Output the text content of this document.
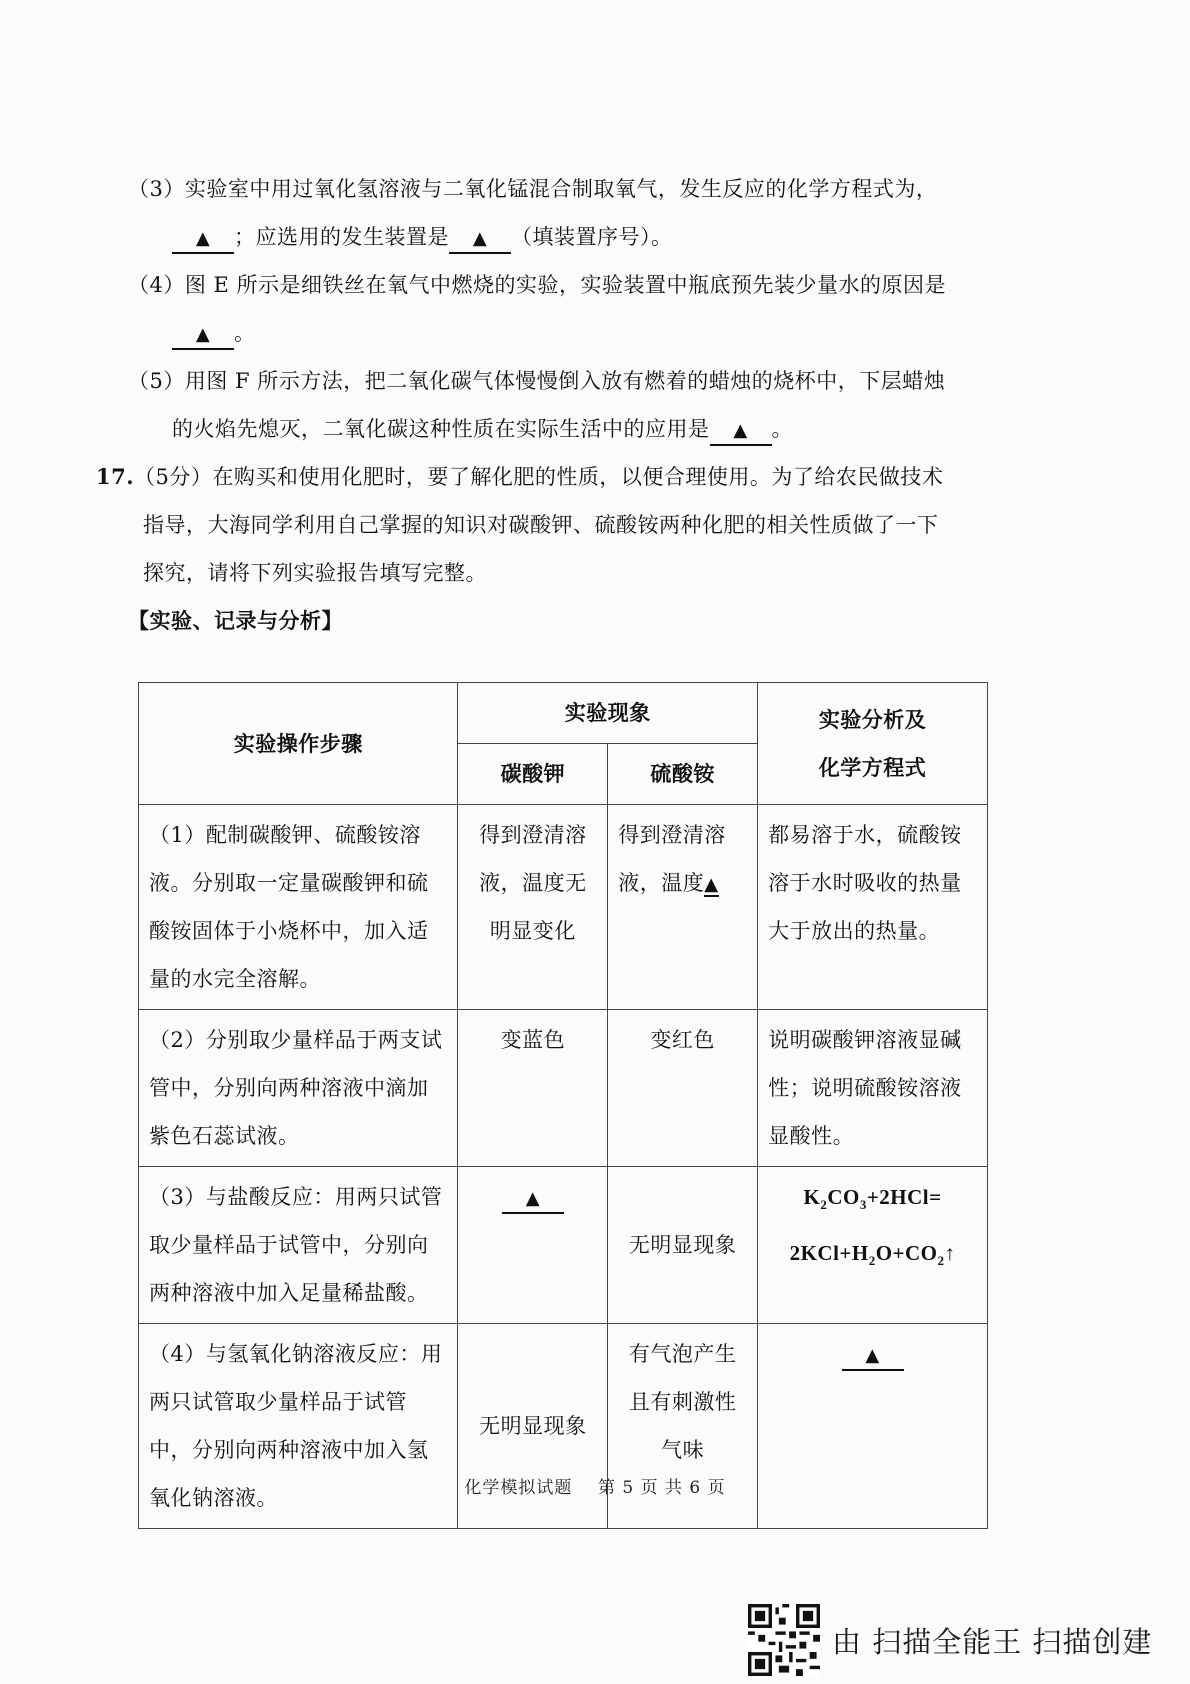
（3）实验室中用过氧化氢溶液与二氧化锰混合制取氧气，发生反应的化学方程式为，
▲ ；应选用的发生装置是 ▲ （填装置序号）。
（4）图 E 所示是细铁丝在氧气中燃烧的实验，实验装置中瓶底预先装少量水的原因是
▲ 。
（5）用图 F 所示方法，把二氧化碳气体慢慢倒入放有燃着的蜡烛的烧杯中，下层蜡烛
的火焰先熄灭，二氧化碳这种性质在实际生活中的应用是 ▲ 。
17.（5分）在购买和使用化肥时，要了解化肥的性质，以便合理使用。为了给农民做技术
指导，大海同学利用自己掌握的知识对碳酸钾、硫酸铵两种化肥的相关性质做了一下
探究，请将下列实验报告填写完整。
【实验、记录与分析】
实验操作步骤	实验现象		实验分析及
化学方程式

	碳酸钾	硫酸铵	
（1）配制碳酸钾、硫酸铵溶液。分别取一定量碳酸钾和硫酸铵固体于小烧杯中，加入适量的水完全溶解。	得到澄清溶液，温度无明显变化	得到澄清溶液，温度▲	都易溶于水，硫酸铵溶于水时吸收的热量大于放出的热量。
（2）分别取少量样品于两支试管中，分别向两种溶液中滴加紫色石蕊试液。	变蓝色	变红色	说明碳酸钾溶液显碱性；说明硫酸铵溶液显酸性。
（3）与盐酸反应：用两只试管取少量样品于试管中，分别向两种溶液中加入足量稀盐酸。	▲	无明显现象	$K_2CO_3+2HCl=$
$2KCl+H_2O+CO_2↑$

（4）与氢氧化钠溶液反应：用两只试管取少量样品于试管中，分别向两种溶液中加入氢氧化钠溶液。	无明显现象	有气泡产生且有刺激性气味	▲
化学模拟试题 第 5 页 共 6 页
由 扫描全能王 扫描创建
